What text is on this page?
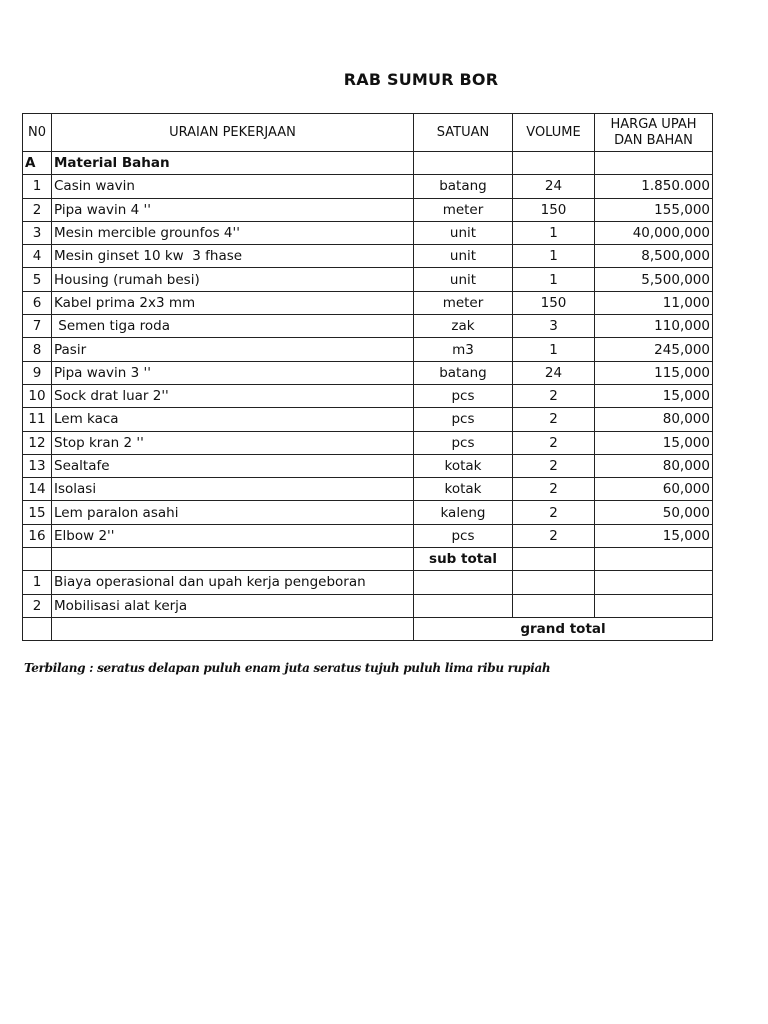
RAB SUMUR BOR
N0	URAIAN PEKERJAAN	SATUAN	VOLUME	HARGA UPAH DAN BAHAN
A	Material Bahan			
1	Casin wavin	batang	24	1.850.000
2	Pipa wavin 4 ''	meter	150	155,000
3	Mesin mercible grounfos 4''	unit	1	40,000,000
4	Mesin ginset 10 kw  3 fhase	unit	1	8,500,000
5	Housing (rumah besi)	unit	1	5,500,000
6	Kabel prima 2x3 mm	meter	150	11,000
7	Semen tiga roda	zak	3	110,000
8	Pasir	m3	1	245,000
9	Pipa wavin 3 ''	batang	24	115,000
10	Sock drat luar 2''	pcs	2	15,000
11	Lem kaca	pcs	2	80,000
12	Stop kran 2 ''	pcs	2	15,000
13	Sealtafe	kotak	2	80,000
14	Isolasi	kotak	2	60,000
15	Lem paralon asahi	kaleng	2	50,000
16	Elbow 2''	pcs	2	15,000
		sub total		
1	Biaya operasional dan upah kerja pengeboran			
2	Mobilisasi alat kerja			
		grand total		
Terbilang : seratus delapan puluh enam juta seratus tujuh puluh lima ribu rupiah
